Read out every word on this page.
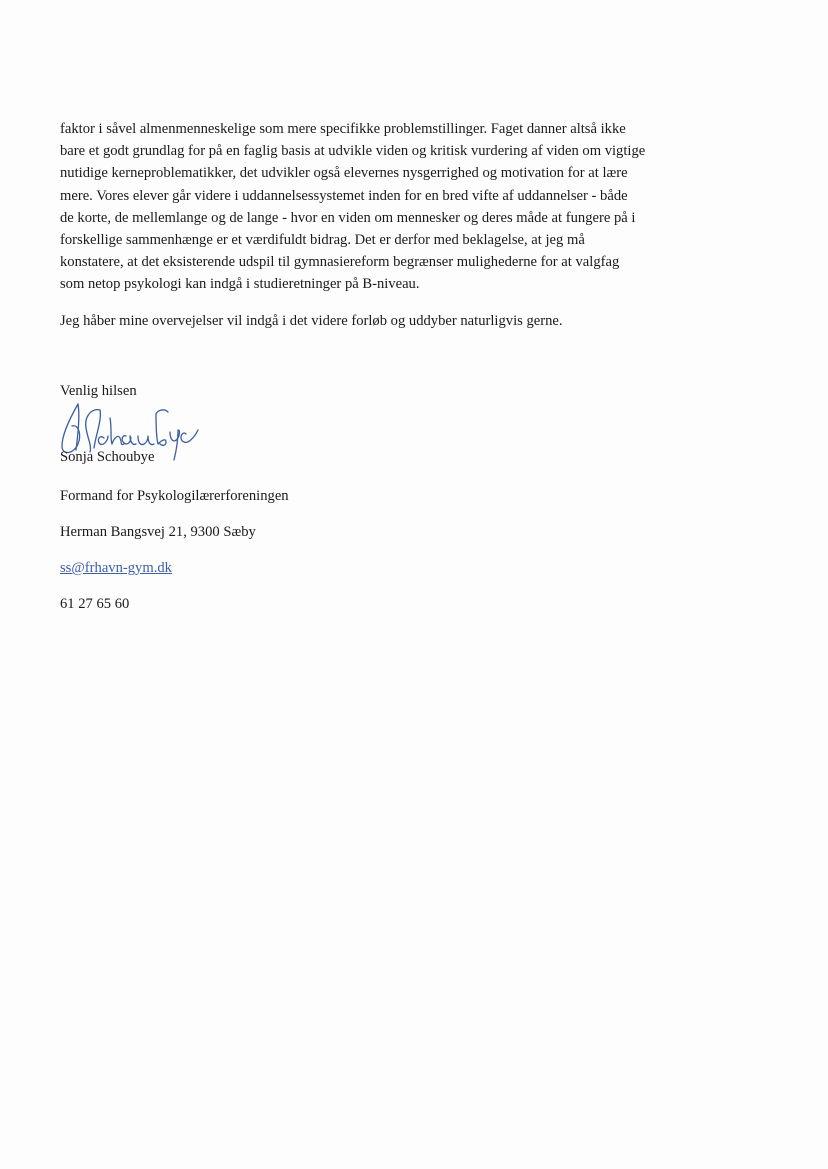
faktor i såvel almenmenneskelige som mere specifikke problemstillinger. Faget danner altså ikke
bare et godt grundlag for på en faglig basis at udvikle viden og kritisk vurdering af viden om vigtige
nutidige kerneproblematikker, det udvikler også elevernes nysgerrighed og motivation for at lære
mere. Vores elever går videre i uddannelsessystemet inden for en bred vifte af uddannelser - både
de korte, de mellemlange og de lange - hvor en viden om mennesker og deres måde at fungere på i
forskellige sammenhænge er et værdifuldt bidrag. Det er derfor med beklagelse, at jeg må
konstatere, at det eksisterende udspil til gymnasiereform begrænser mulighederne for at valgfag
som netop psykologi kan indgå i studieretninger på B-niveau.
Jeg håber mine overvejelser vil indgå i det videre forløb og uddyber naturligvis gerne.
Venlig hilsen
Sonja Schoubye
Formand for Psykologilærerforeningen
Herman Bangsvej 21, 9300 Sæby
ss@frhavn-gym.dk
61 27 65 60
